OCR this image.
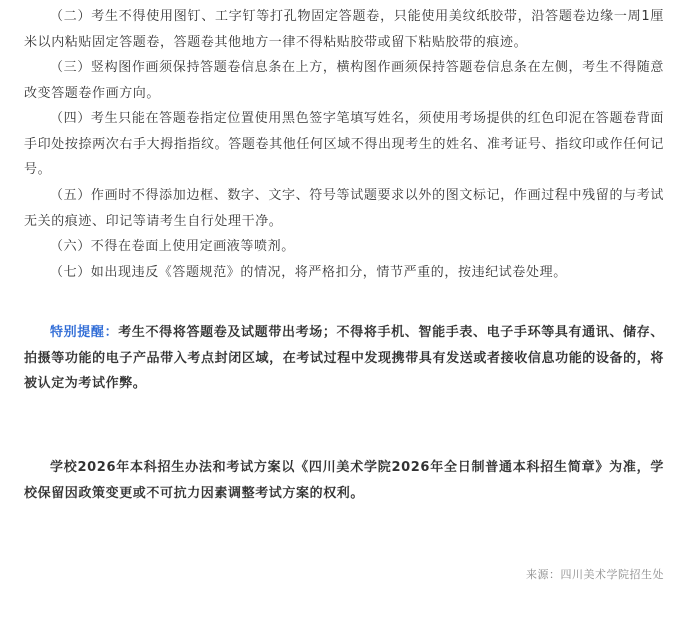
（二）考生不得使用图钉、工字钉等打孔物固定答题卷，只能使用美纹纸胶带，沿答题卷边缘一周1厘米以内粘贴固定答题卷，答题卷其他地方一律不得粘贴胶带或留下粘贴胶带的痕迹。

（三）竖构图作画须保持答题卷信息条在上方，横构图作画须保持答题卷信息条在左侧，考生不得随意改变答题卷作画方向。

（四）考生只能在答题卷指定位置使用黑色签字笔填写姓名，须使用考场提供的红色印泥在答题卷背面手印处按捺两次右手大拇指指纹。答题卷其他任何区域不得出现考生的姓名、准考证号、指纹印或作任何记号。

（五）作画时不得添加边框、数字、文字、符号等试题要求以外的图文标记，作画过程中残留的与考试无关的痕迹、印记等请考生自行处理干净。

（六）不得在卷面上使用定画液等喷剂。

（七）如出现违反《答题规范》的情况，将严格扣分，情节严重的，按违纪试卷处理。

特别提醒：考生不得将答题卷及试题带出考场；不得将手机、智能手表、电子手环等具有通讯、储存、拍摄等功能的电子产品带入考点封闭区域，在考试过程中发现携带具有发送或者接收信息功能的设备的，将被认定为考试作弊。

学校2026年本科招生办法和考试方案以《四川美术学院2026年全日制普通本科招生简章》为准，学校保留因政策变更或不可抗力因素调整考试方案的权利。

来源：四川美术学院招生处
